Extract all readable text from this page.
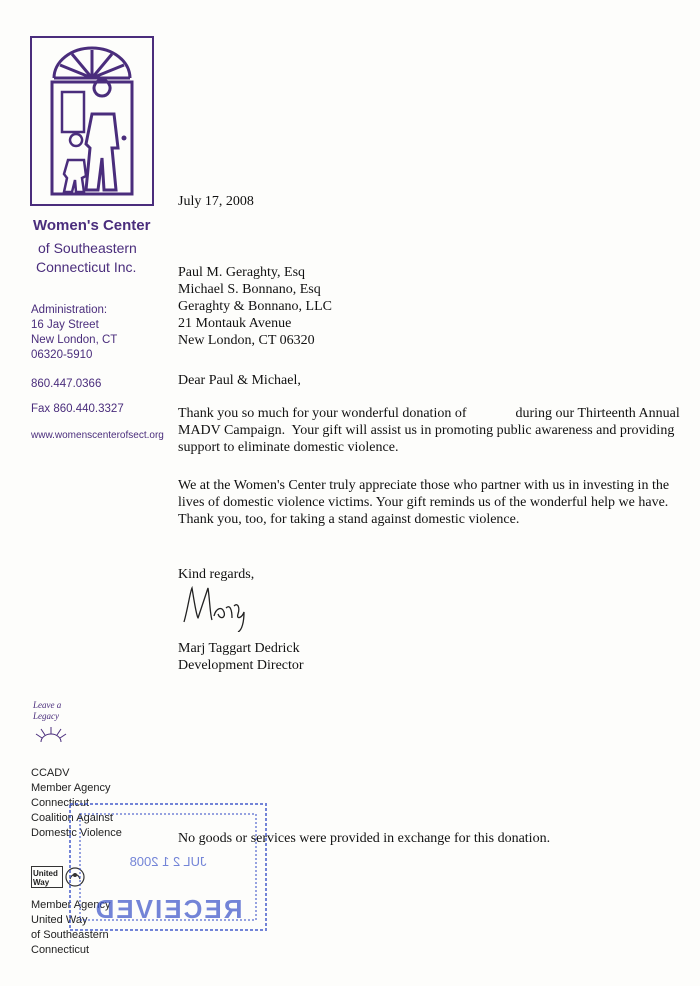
Women's Center
of Southeastern
Connecticut Inc.
Administration:
16 Jay Street
New London, CT
06320-5910
860.447.0366
Fax 860.440.3327
www.womenscenterofsect.org
July 17, 2008
Paul M. Geraghty, Esq
Michael S. Bonnano, Esq
Geraghty & Bonnano, LLC
21 Montauk Avenue
New London, CT 06320
Dear Paul & Michael,
Thank you so much for your wonderful donation of              during our Thirteenth Annual MADV Campaign.  Your gift will assist us in promoting public awareness and providing support to eliminate domestic violence.
We at the Women's Center truly appreciate those who partner with us in investing in the lives of domestic violence victims. Your gift reminds us of the wonderful help we have. Thank you, too, for taking a stand against domestic violence.
Kind regards,
Marj Taggart Dedrick
Development Director
No goods or services were provided in exchange for this donation.
Leave a
Legacy
CCADV
Member Agency
Connecticut
Coalition Against
Domestic Violence
United
Way
Member Agency
United Way
of Southeastern
Connecticut
JUL 2 1 2008
RECEIVED
